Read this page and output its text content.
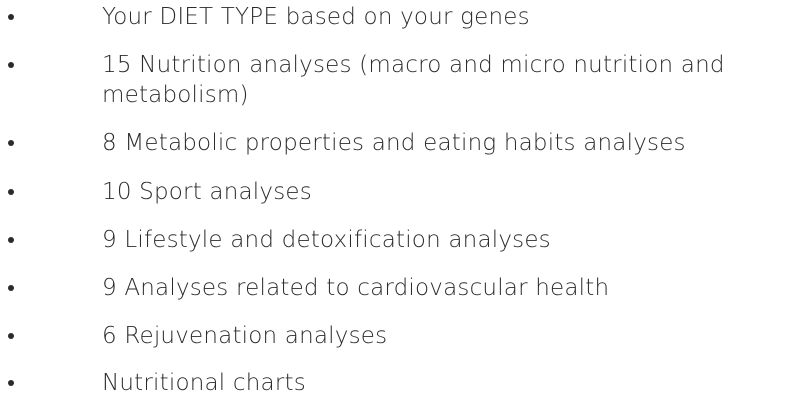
Your DIET TYPE based on your genes
15 Nutrition analyses (macro and micro nutrition and metabolism)
8 Metabolic properties and eating habits analyses
10 Sport analyses
9 Lifestyle and detoxification analyses
9 Analyses related to cardiovascular health
6 Rejuvenation analyses
Nutritional charts
